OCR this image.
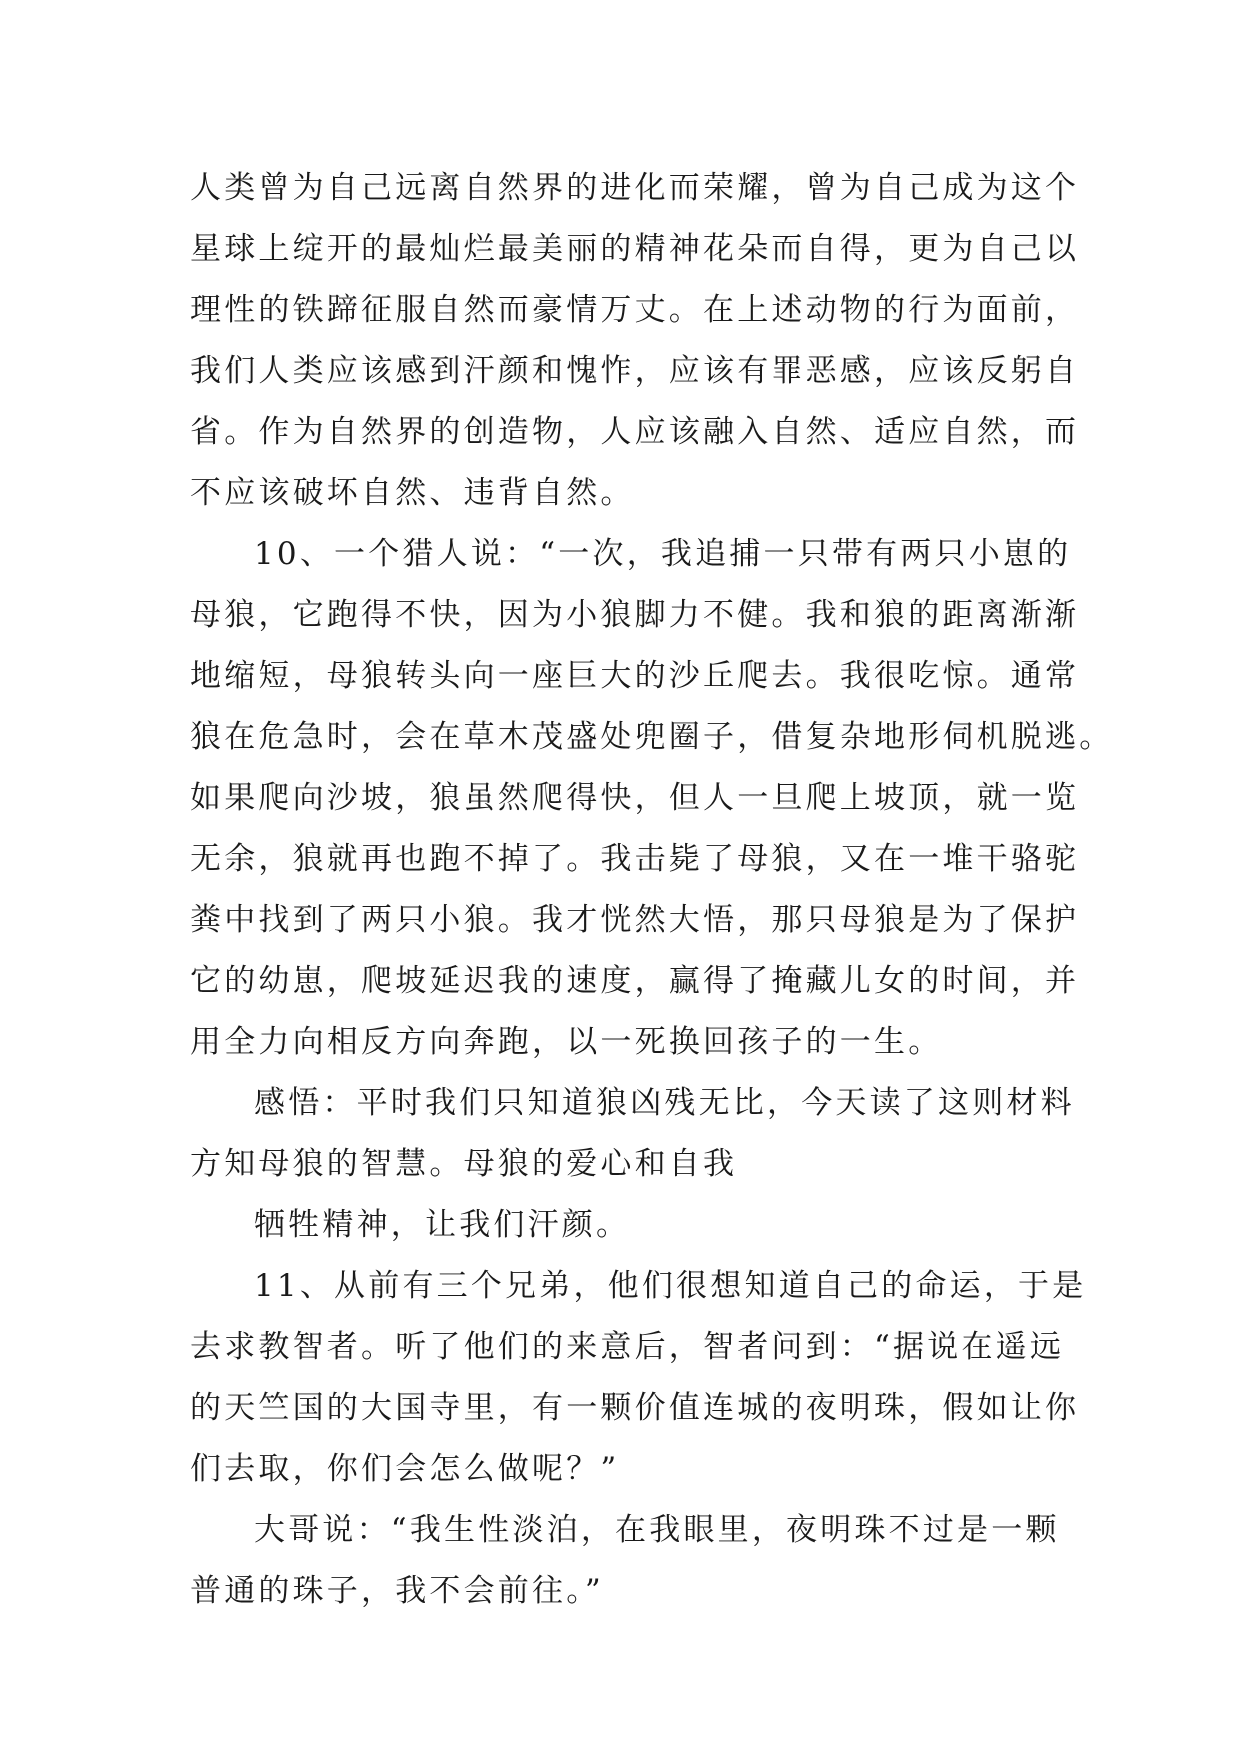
人类曾为自己远离自然界的进化而荣耀，曾为自己成为这个
星球上绽开的最灿烂最美丽的精神花朵而自得，更为自己以
理性的铁蹄征服自然而豪情万丈。在上述动物的行为面前，
我们人类应该感到汗颜和愧怍，应该有罪恶感，应该反躬自
省。作为自然界的创造物，人应该融入自然、适应自然，而
不应该破坏自然、违背自然。
10、一个猎人说：“一次，我追捕一只带有两只小崽的
母狼，它跑得不快，因为小狼脚力不健。我和狼的距离渐渐
地缩短，母狼转头向一座巨大的沙丘爬去。我很吃惊。通常
狼在危急时，会在草木茂盛处兜圈子，借复杂地形伺机脱逃。
如果爬向沙坡，狼虽然爬得快，但人一旦爬上坡顶，就一览
无余，狼就再也跑不掉了。我击毙了母狼，又在一堆干骆驼
粪中找到了两只小狼。我才恍然大悟，那只母狼是为了保护
它的幼崽，爬坡延迟我的速度，赢得了掩藏儿女的时间，并
用全力向相反方向奔跑，以一死换回孩子的一生。
感悟：平时我们只知道狼凶残无比，今天读了这则材料
方知母狼的智慧。母狼的爱心和自我
牺牲精神，让我们汗颜。
11、从前有三个兄弟，他们很想知道自己的命运，于是
去求教智者。听了他们的来意后，智者问到：“据说在遥远
的天竺国的大国寺里，有一颗价值连城的夜明珠，假如让你
们去取，你们会怎么做呢？”
大哥说：“我生性淡泊，在我眼里，夜明珠不过是一颗
普通的珠子，我不会前往。”
